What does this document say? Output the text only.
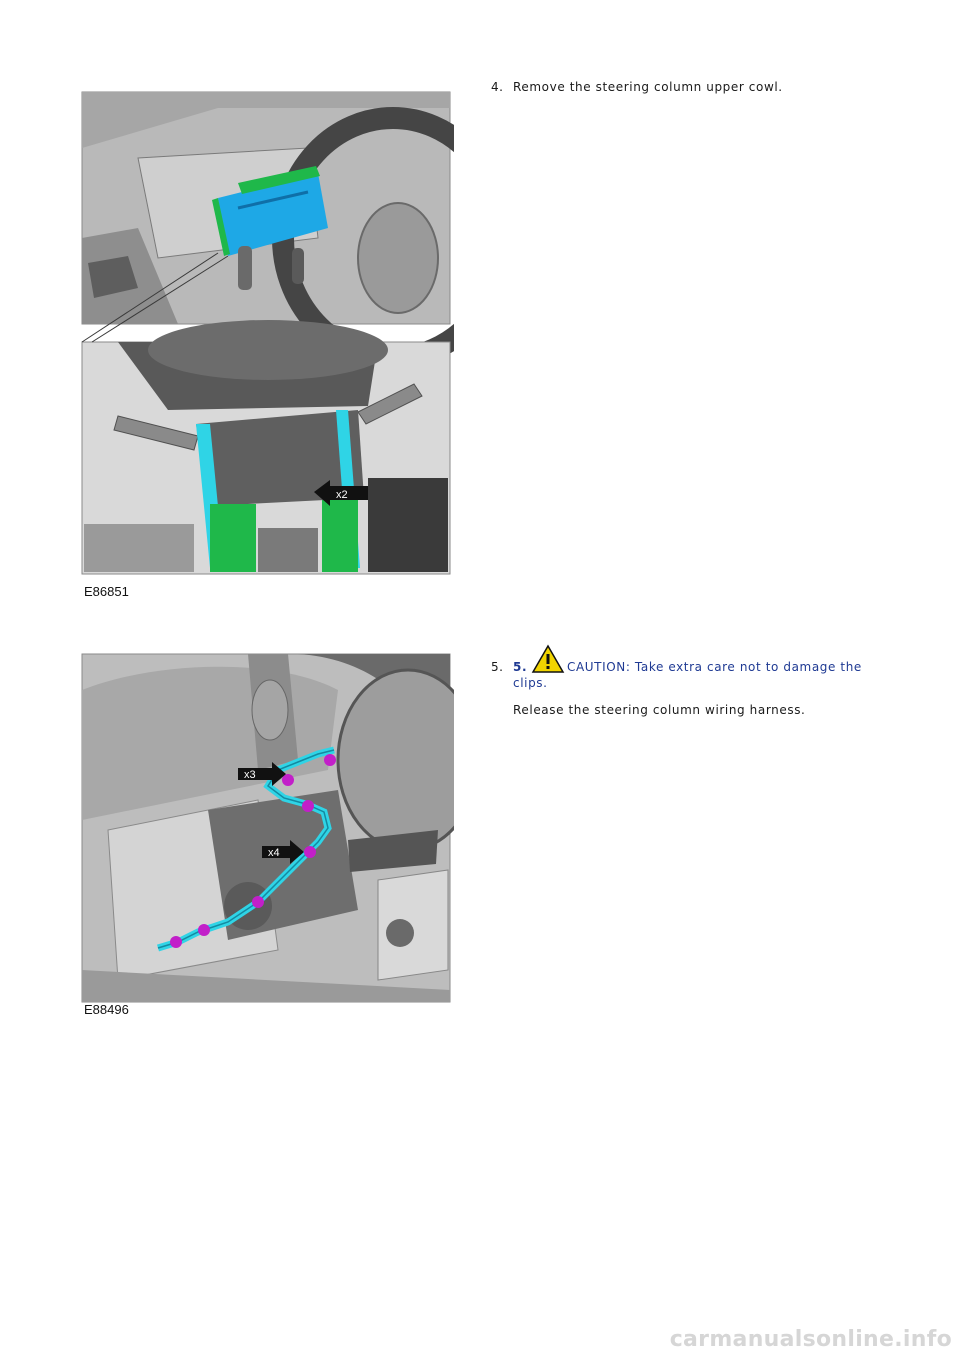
x2
E86851
4. Remove the steering column upper cowl.
x3
x4
E88496
5. 5.	CAUTION: Take extra care not to damage the
clips.
Release the steering column wiring harness.
carmanualsonline.info
